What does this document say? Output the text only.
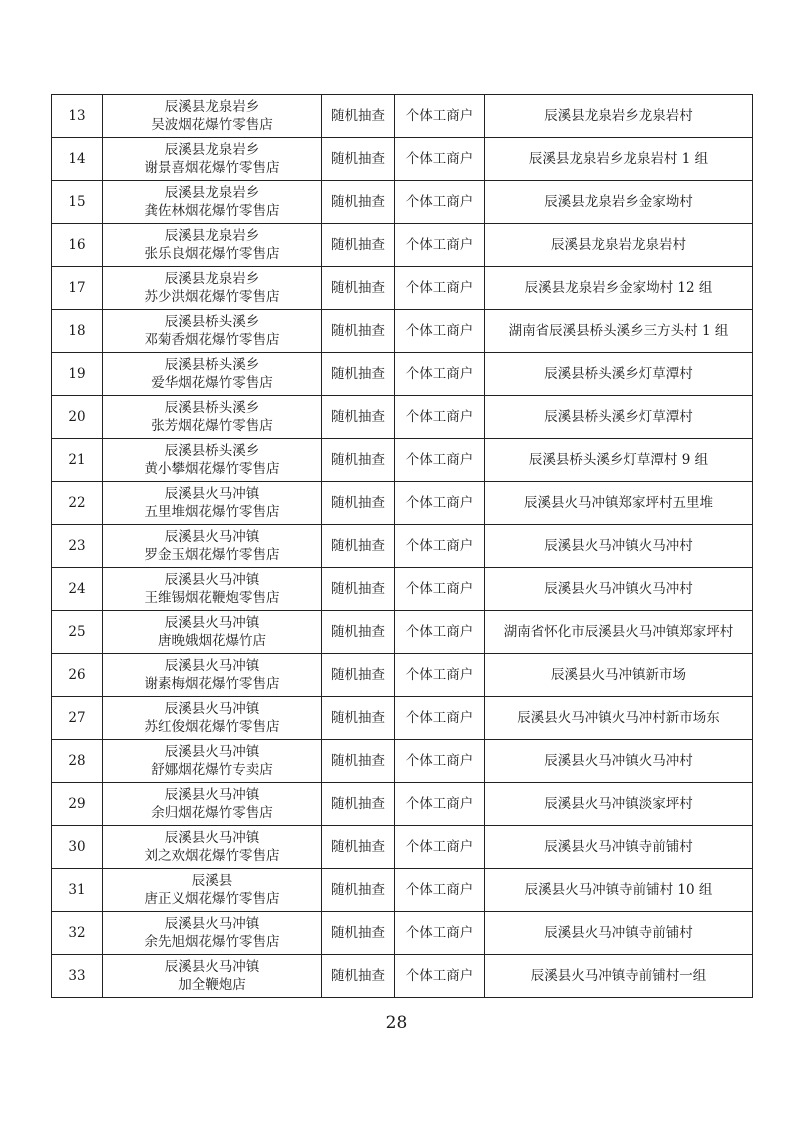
13	辰溪县龙泉岩乡
吴波烟花爆竹零售店	随机抽查	个体工商户	辰溪县龙泉岩乡龙泉岩村

14	辰溪县龙泉岩乡
谢景喜烟花爆竹零售店	随机抽查	个体工商户	辰溪县龙泉岩乡龙泉岩村 1 组

15	辰溪县龙泉岩乡
龚佐林烟花爆竹零售店	随机抽查	个体工商户	辰溪县龙泉岩乡金家坳村

16	辰溪县龙泉岩乡
张乐良烟花爆竹零售店	随机抽查	个体工商户	辰溪县龙泉岩龙泉岩村

17	辰溪县龙泉岩乡
苏少洪烟花爆竹零售店	随机抽查	个体工商户	辰溪县龙泉岩乡金家坳村 12 组

18	辰溪县桥头溪乡
邓菊香烟花爆竹零售店	随机抽查	个体工商户	湖南省辰溪县桥头溪乡三方头村 1 组

19	辰溪县桥头溪乡
爱华烟花爆竹零售店	随机抽查	个体工商户	辰溪县桥头溪乡灯草潭村

20	辰溪县桥头溪乡
张芳烟花爆竹零售店	随机抽查	个体工商户	辰溪县桥头溪乡灯草潭村

21	辰溪县桥头溪乡
黄小攀烟花爆竹零售店	随机抽查	个体工商户	辰溪县桥头溪乡灯草潭村 9 组

22	辰溪县火马冲镇
五里堆烟花爆竹零售店	随机抽查	个体工商户	辰溪县火马冲镇郑家坪村五里堆

23	辰溪县火马冲镇
罗金玉烟花爆竹零售店	随机抽查	个体工商户	辰溪县火马冲镇火马冲村

24	辰溪县火马冲镇
王维锡烟花鞭炮零售店	随机抽查	个体工商户	辰溪县火马冲镇火马冲村

25	辰溪县火马冲镇
唐晚娥烟花爆竹店	随机抽查	个体工商户	湖南省怀化市辰溪县火马冲镇郑家坪村

26	辰溪县火马冲镇
谢素梅烟花爆竹零售店	随机抽查	个体工商户	辰溪县火马冲镇新市场

27	辰溪县火马冲镇
苏红俊烟花爆竹零售店	随机抽查	个体工商户	辰溪县火马冲镇火马冲村新市场东

28	辰溪县火马冲镇
舒娜烟花爆竹专卖店	随机抽查	个体工商户	辰溪县火马冲镇火马冲村

29	辰溪县火马冲镇
余归烟花爆竹零售店	随机抽查	个体工商户	辰溪县火马冲镇淡家坪村

30	辰溪县火马冲镇
刘之欢烟花爆竹零售店	随机抽查	个体工商户	辰溪县火马冲镇寺前铺村

31	辰溪县
唐正义烟花爆竹零售店	随机抽查	个体工商户	辰溪县火马冲镇寺前铺村 10 组

32	辰溪县火马冲镇
余先旭烟花爆竹零售店	随机抽查	个体工商户	辰溪县火马冲镇寺前铺村

33	辰溪县火马冲镇
加全鞭炮店	随机抽查	个体工商户	辰溪县火马冲镇寺前铺村一组
28
